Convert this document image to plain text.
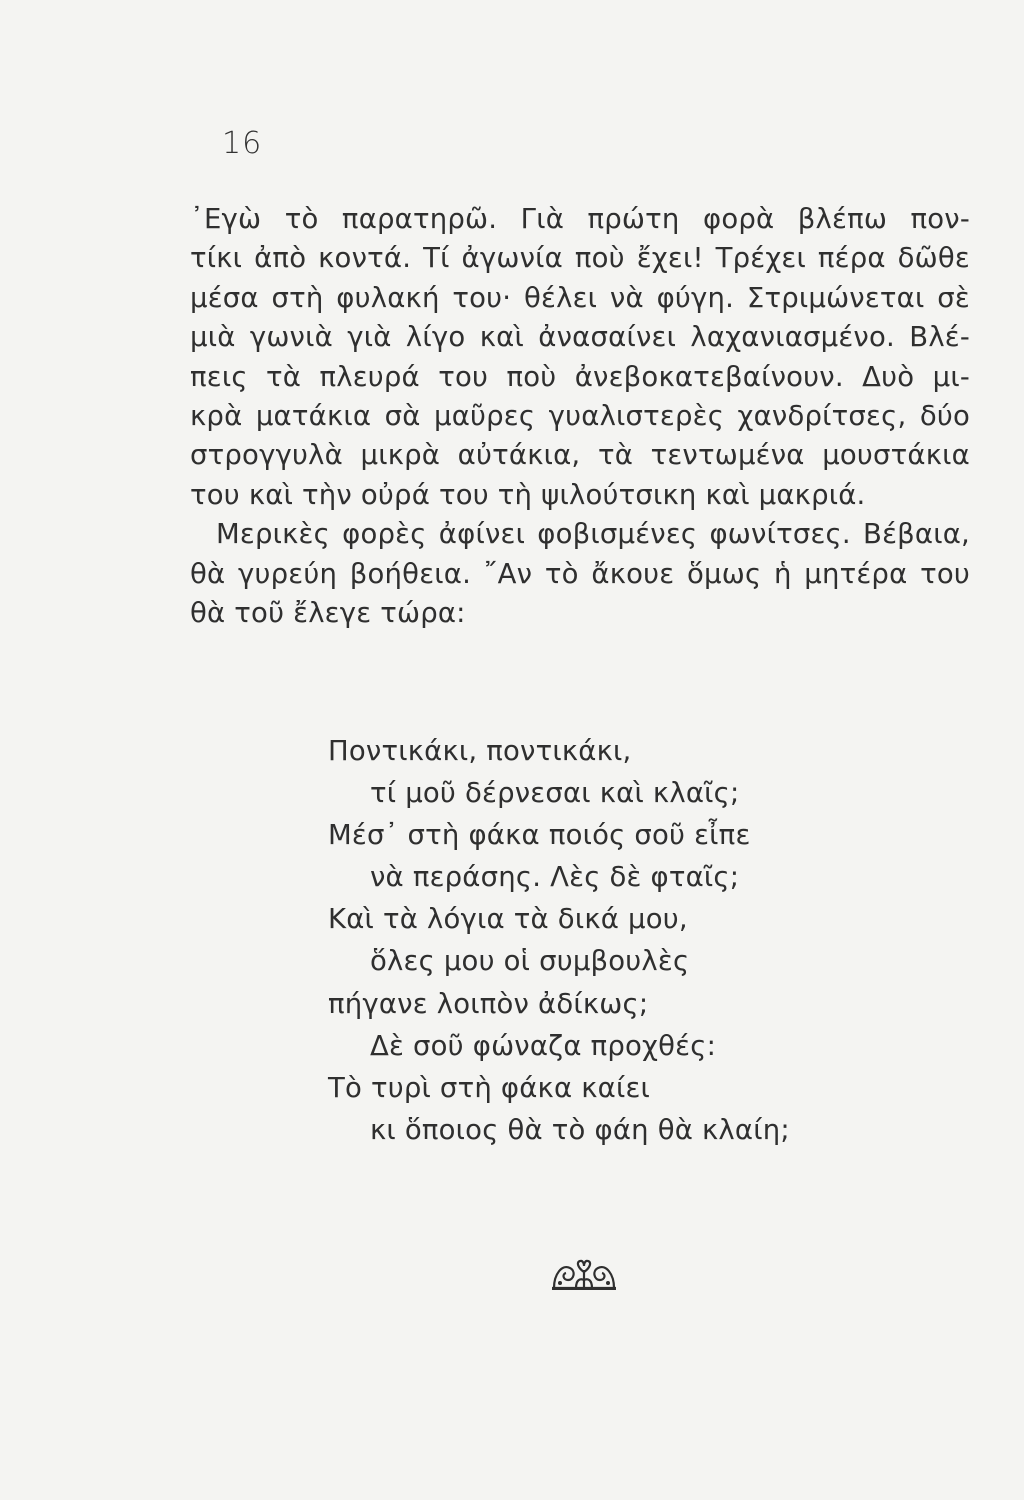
16
᾿Εγὼ τὸ παρατηρῶ. Γιὰ πρώτη φορὰ βλέπω πον-
τίκι ἀπὸ κοντά. Τί ἀγωνία ποὺ ἔχει! Τρέχει πέρα δῶθε
μέσα στὴ φυλακή του· θέλει νὰ φύγη. Στριμώνεται σὲ
μιὰ γωνιὰ γιὰ λίγο καὶ ἀνασαίνει λαχανιασμένο. Βλέ-
πεις τὰ πλευρά του ποὺ ἀνεβοκατεβαίνουν. Δυὸ μι-
κρὰ ματάκια σὰ μαῦρες γυαλιστερὲς χανδρίτσες, δύο
στρογγυλὰ μικρὰ αὐτάκια, τὰ τεντωμένα μουστάκια
του καὶ τὴν οὐρά του τὴ ψιλούτσικη καὶ μακριά.
Μερικὲς φορὲς ἀφίνει φοβισμένες φωνίτσες. Βέβαια,
θὰ γυρεύη βοήθεια. ῎Αν τὸ ἄκουε ὅμως ἡ μητέρα του
θὰ τοῦ ἔλεγε τώρα:
Ποντικάκι, ποντικάκι,
τί μοῦ δέρνεσαι καὶ κλαῖς;
Μέσ᾿ στὴ φάκα ποιός σοῦ εἶπε
νὰ περάσης. Λὲς δὲ φταῖς;
Καὶ τὰ λόγια τὰ δικά μου,
ὅλες μου οἱ συμβουλὲς
πήγανε λοιπὸν ἀδίκως;
Δὲ σοῦ φώναζα προχθές:
Τὸ τυρὶ στὴ φάκα καίει
κι ὅποιος θὰ τὸ φάη θὰ κλαίη;
